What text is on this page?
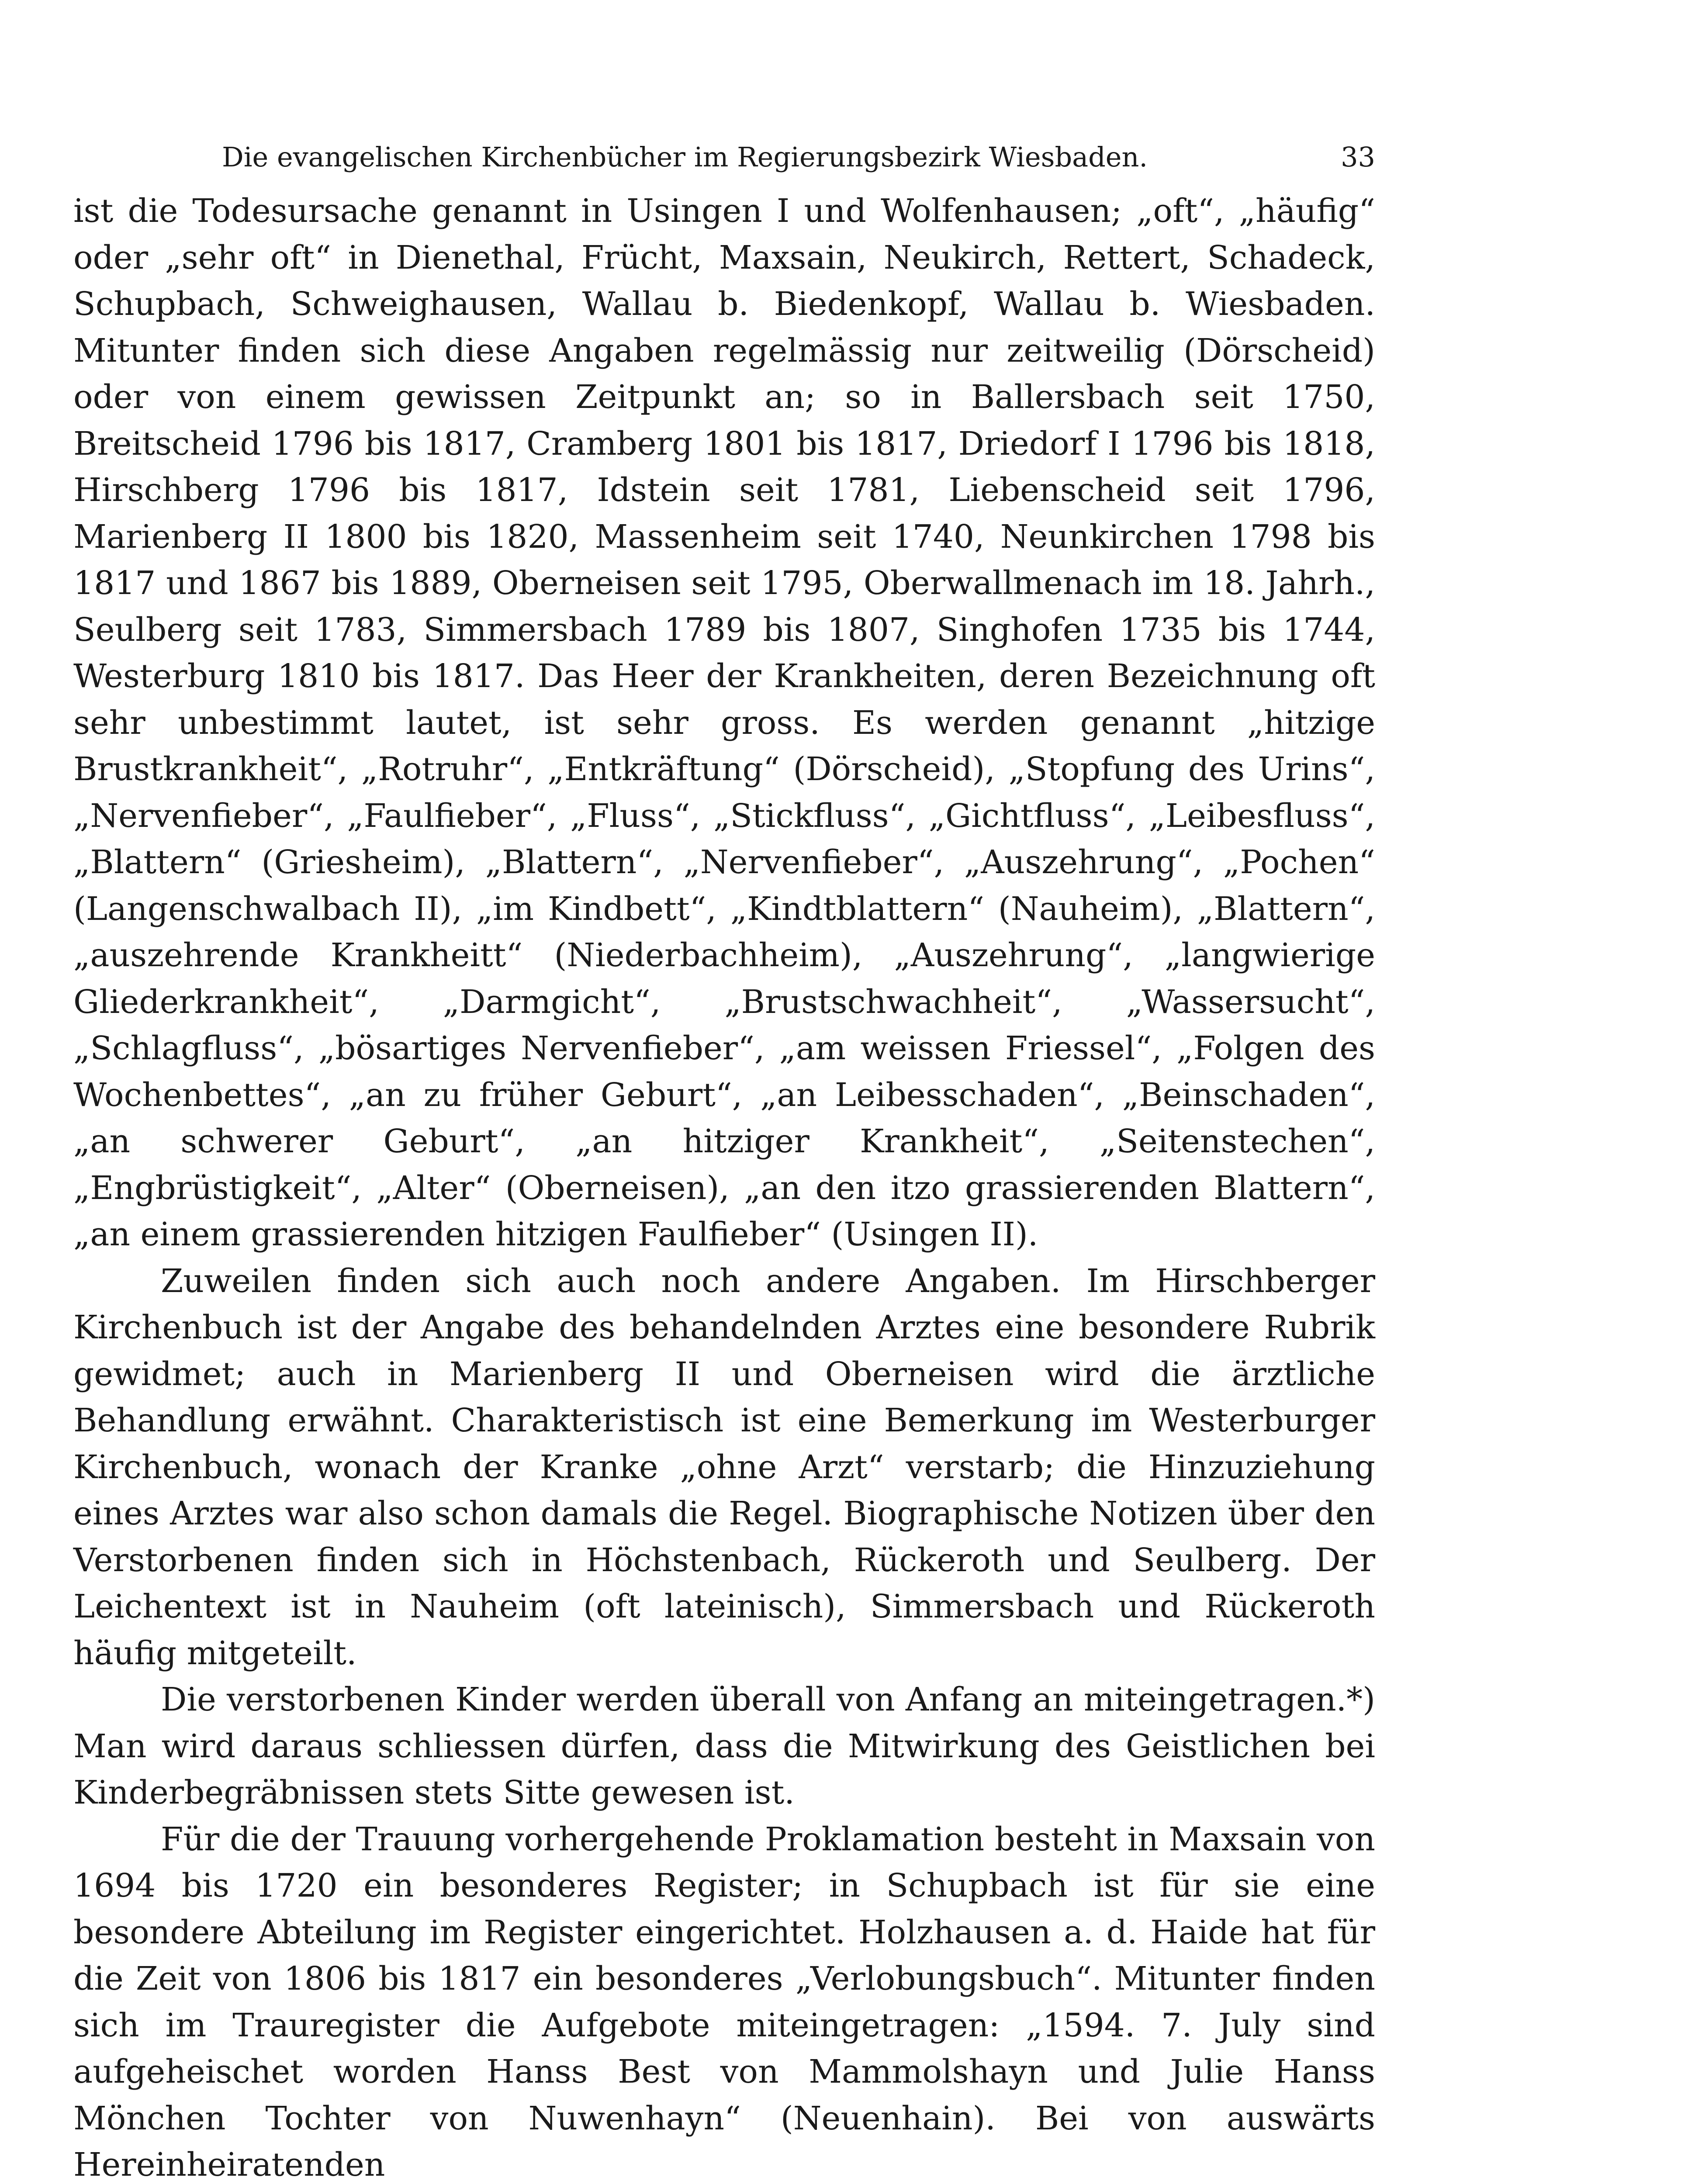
Die evangelischen Kirchenbücher im Regierungsbezirk Wiesbaden.	33

ist die Todesursache genannt in Usingen I und Wolfenhausen; „oft“, „häufig“ oder „sehr oft“ in Dienethal, Frücht, Maxsain, Neukirch, Rettert, Schadeck, Schupbach, Schweighausen, Wallau b. Biedenkopf, Wallau b. Wiesbaden. Mitunter finden sich diese Angaben regelmässig nur zeitweilig (Dörscheid) oder von einem gewissen Zeitpunkt an; so in Ballersbach seit 1750, Breitscheid 1796 bis 1817, Cramberg 1801 bis 1817, Driedorf I 1796 bis 1818, Hirschberg 1796 bis 1817, Idstein seit 1781, Liebenscheid seit 1796, Marienberg II 1800 bis 1820, Massenheim seit 1740, Neunkirchen 1798 bis 1817 und 1867 bis 1889, Oberneisen seit 1795, Oberwallmenach im 18. Jahrh., Seulberg seit 1783, Simmersbach 1789 bis 1807, Singhofen 1735 bis 1744, Westerburg 1810 bis 1817. Das Heer der Krankheiten, deren Bezeichnung oft sehr unbestimmt lautet, ist sehr gross. Es werden genannt „hitzige Brustkrankheit“, „Rotruhr“, „Entkräftung“ (Dörscheid), „Stopfung des Urins“, „Nervenfieber“, „Faulfieber“, „Fluss“, „Stickfluss“, „Gichtfluss“, „Leibesfluss“, „Blattern“ (Griesheim), „Blattern“, „Nervenfieber“, „Auszehrung“, „Pochen“ (Langenschwalbach II), „im Kindbett“, „Kindtblattern“ (Nauheim), „Blattern“, „auszehrende Krankheitt“ (Niederbachheim), „Auszehrung“, „langwierige Gliederkrankheit“, „Darmgicht“, „Brustschwachheit“, „Wassersucht“, „Schlagfluss“, „bösartiges Nervenfieber“, „am weissen Friessel“, „Folgen des Wochenbettes“, „an zu früher Geburt“, „an Leibesschaden“, „Beinschaden“, „an schwerer Geburt“, „an hitziger Krankheit“, „Seitenstechen“, „Engbrüstigkeit“, „Alter“ (Oberneisen), „an den itzo grassierenden Blattern“, „an einem grassierenden hitzigen Faulfieber“ (Usingen II).

Zuweilen finden sich auch noch andere Angaben. Im Hirschberger Kirchenbuch ist der Angabe des behandelnden Arztes eine besondere Rubrik gewidmet; auch in Marienberg II und Oberneisen wird die ärztliche Behandlung erwähnt. Charakteristisch ist eine Bemerkung im Westerburger Kirchenbuch, wonach der Kranke „ohne Arzt“ verstarb; die Hinzuziehung eines Arztes war also schon damals die Regel. Biographische Notizen über den Verstorbenen finden sich in Höchstenbach, Rückeroth und Seulberg. Der Leichentext ist in Nauheim (oft lateinisch), Simmersbach und Rückeroth häufig mitgeteilt.

Die verstorbenen Kinder werden überall von Anfang an miteingetragen.*) Man wird daraus schliessen dürfen, dass die Mitwirkung des Geistlichen bei Kinderbegräbnissen stets Sitte gewesen ist.

Für die der Trauung vorhergehende Proklamation besteht in Maxsain von 1694 bis 1720 ein besonderes Register; in Schupbach ist für sie eine besondere Abteilung im Register eingerichtet. Holzhausen a. d. Haide hat für die Zeit von 1806 bis 1817 ein besonderes „Verlobungsbuch“. Mitunter finden sich im Trauregister die Aufgebote miteingetragen: „1594. 7. July sind aufgeheischet worden Hanss Best von Mammolshayn und Julie Hanss Mönchen Tochter von Nuwenhayn“ (Neuenhain). Bei von auswärts Hereinheiratenden
